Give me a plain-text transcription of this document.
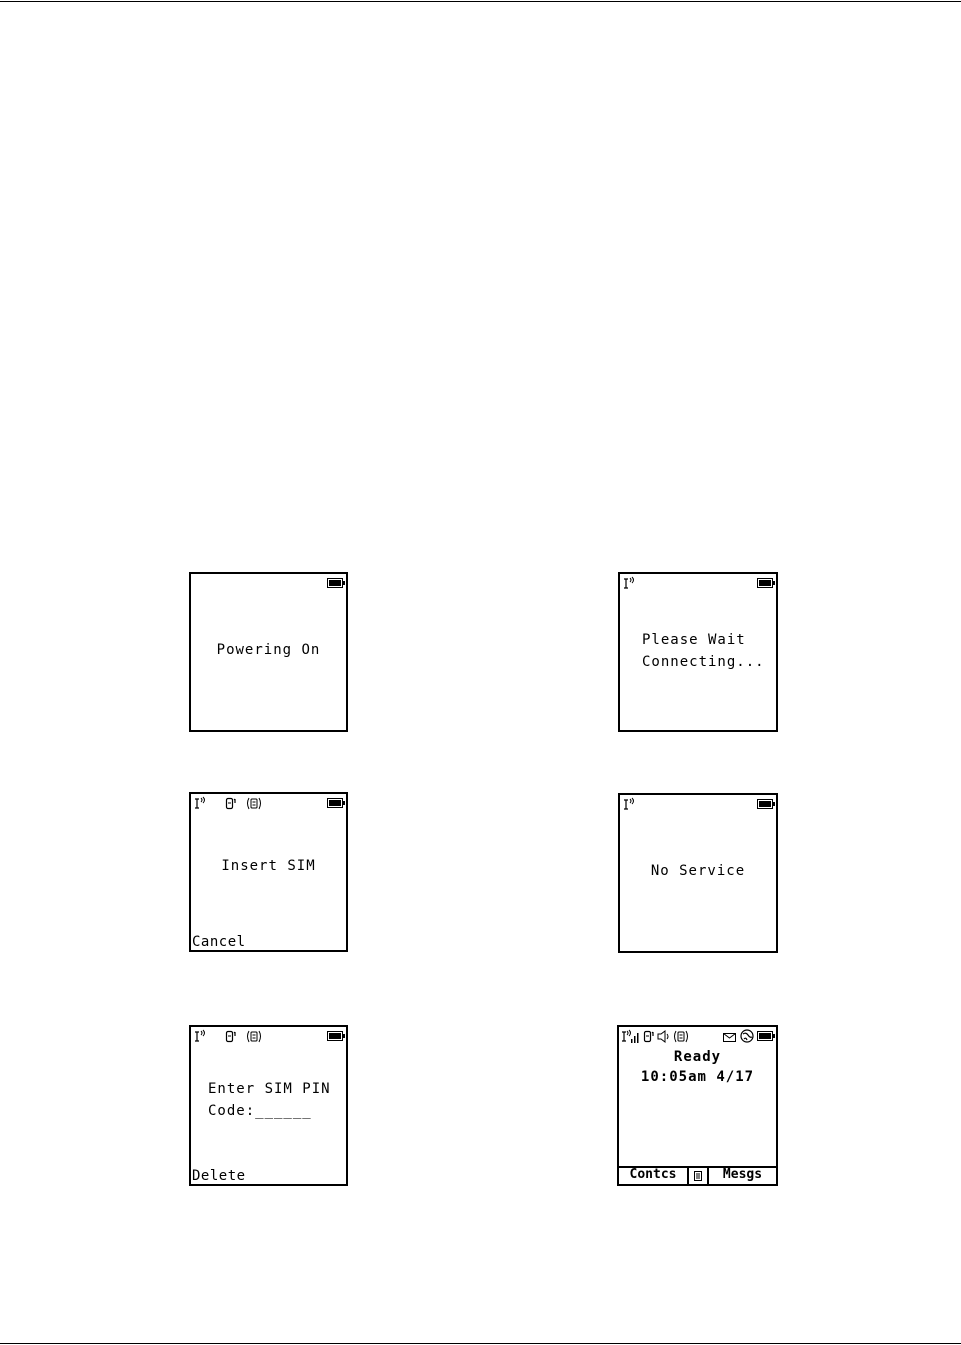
Powering On
Please Wait
Connecting...
Insert SIM
Cancel
No Service
Enter SIM PIN
Code:______
Delete
Ready
10:05am 4/17
Contcs	Mesgs
